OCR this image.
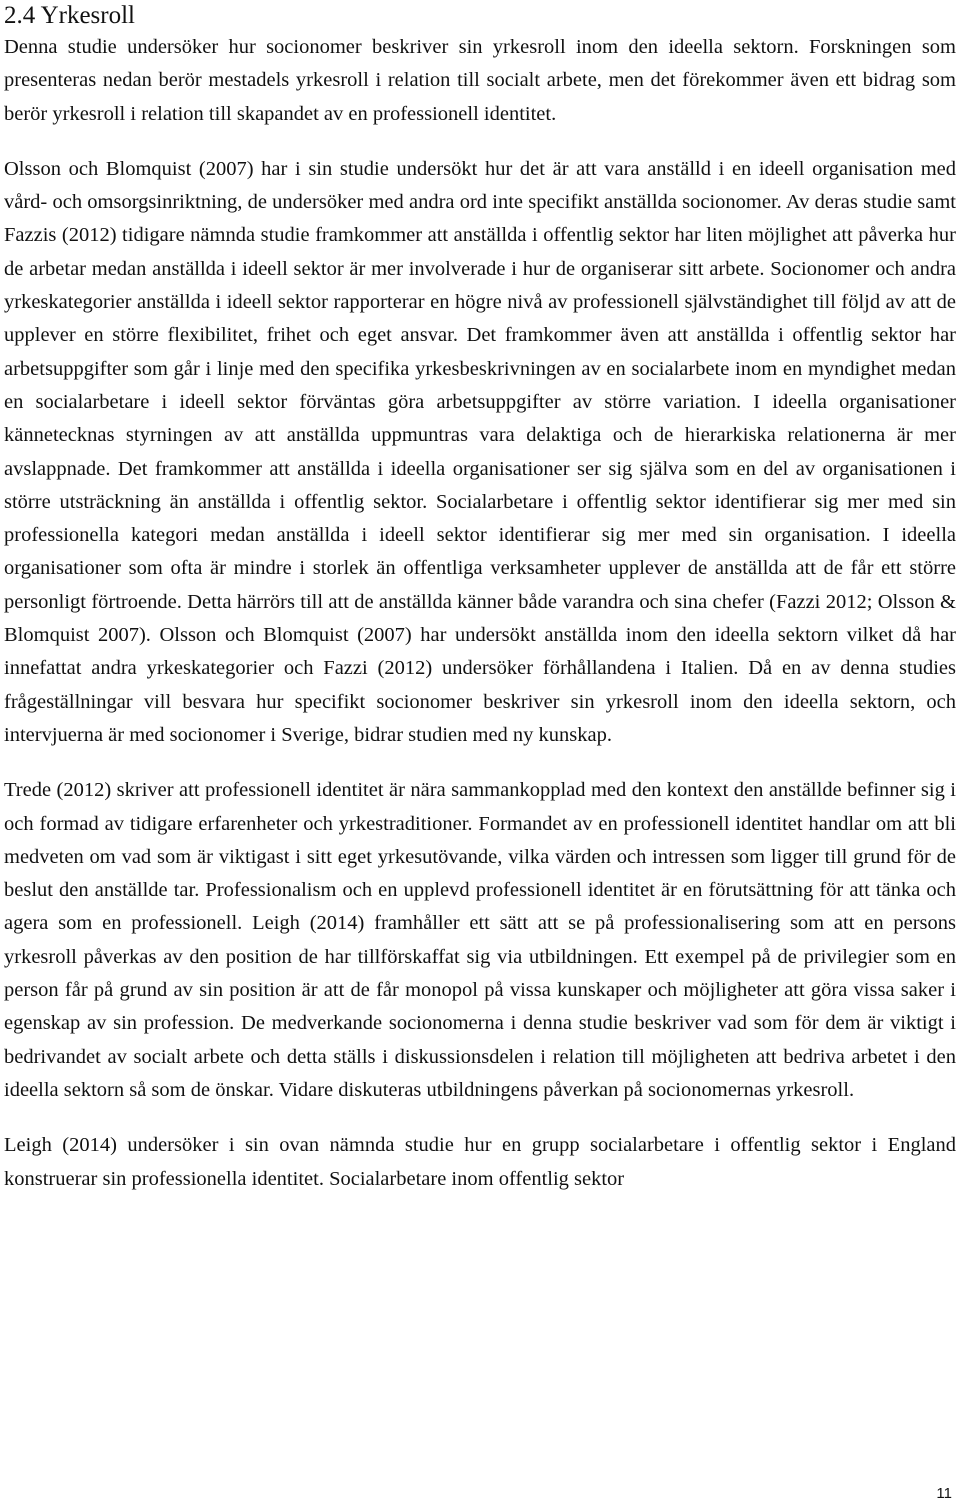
2.4 Yrkesroll

Denna studie undersöker hur socionomer beskriver sin yrkesroll inom den ideella sektorn. Forskningen som presenteras nedan berör mestadels yrkesroll i relation till socialt arbete, men det förekommer även ett bidrag som berör yrkesroll i relation till skapandet av en professionell identitet.

Olsson och Blomquist (2007) har i sin studie undersökt hur det är att vara anställd i en ideell organisation med vård- och omsorgsinriktning, de undersöker med andra ord inte specifikt anställda socionomer. Av deras studie samt Fazzis (2012) tidigare nämnda studie framkommer att anställda i offentlig sektor har liten möjlighet att påverka hur de arbetar medan anställda i ideell sektor är mer involverade i hur de organiserar sitt arbete. Socionomer och andra yrkeskategorier anställda i ideell sektor rapporterar en högre nivå av professionell självständighet till följd av att de upplever en större flexibilitet, frihet och eget ansvar. Det framkommer även att anställda i offentlig sektor har arbetsuppgifter som går i linje med den specifika yrkesbeskrivningen av en socialarbete inom en myndighet medan en socialarbetare i ideell sektor förväntas göra arbetsuppgifter av större variation. I ideella organisationer kännetecknas styrningen av att anställda uppmuntras vara delaktiga och de hierarkiska relationerna är mer avslappnade. Det framkommer att anställda i ideella organisationer ser sig själva som en del av organisationen i större utsträckning än anställda i offentlig sektor. Socialarbetare i offentlig sektor identifierar sig mer med sin professionella kategori medan anställda i ideell sektor identifierar sig mer med sin organisation. I ideella organisationer som ofta är mindre i storlek än offentliga verksamheter upplever de anställda att de får ett större personligt förtroende. Detta härrörs till att de anställda känner både varandra och sina chefer (Fazzi 2012; Olsson & Blomquist 2007). Olsson och Blomquist (2007) har undersökt anställda inom den ideella sektorn vilket då har innefattat andra yrkeskategorier och Fazzi (2012) undersöker förhållandena i Italien. Då en av denna studies frågeställningar vill besvara hur specifikt socionomer beskriver sin yrkesroll inom den ideella sektorn, och intervjuerna är med socionomer i Sverige, bidrar studien med ny kunskap.

Trede (2012) skriver att professionell identitet är nära sammankopplad med den kontext den anställde befinner sig i och formad av tidigare erfarenheter och yrkestraditioner. Formandet av en professionell identitet handlar om att bli medveten om vad som är viktigast i sitt eget yrkesutövande, vilka värden och intressen som ligger till grund för de beslut den anställde tar. Professionalism och en upplevd professionell identitet är en förutsättning för att tänka och agera som en professionell. Leigh (2014) framhåller ett sätt att se på professionalisering som att en persons yrkesroll påverkas av den position de har tillförskaffat sig via utbildningen. Ett exempel på de privilegier som en person får på grund av sin position är att de får monopol på vissa kunskaper och möjligheter att göra vissa saker i egenskap av sin profession. De medverkande socionomerna i denna studie beskriver vad som för dem är viktigt i bedrivandet av socialt arbete och detta ställs i diskussionsdelen i relation till möjligheten att bedriva arbetet i den ideella sektorn så som de önskar. Vidare diskuteras utbildningens påverkan på socionomernas yrkesroll.

Leigh (2014) undersöker i sin ovan nämnda studie hur en grupp socialarbetare i offentlig sektor i England konstruerar sin professionella identitet. Socialarbetare inom offentlig sektor

11
